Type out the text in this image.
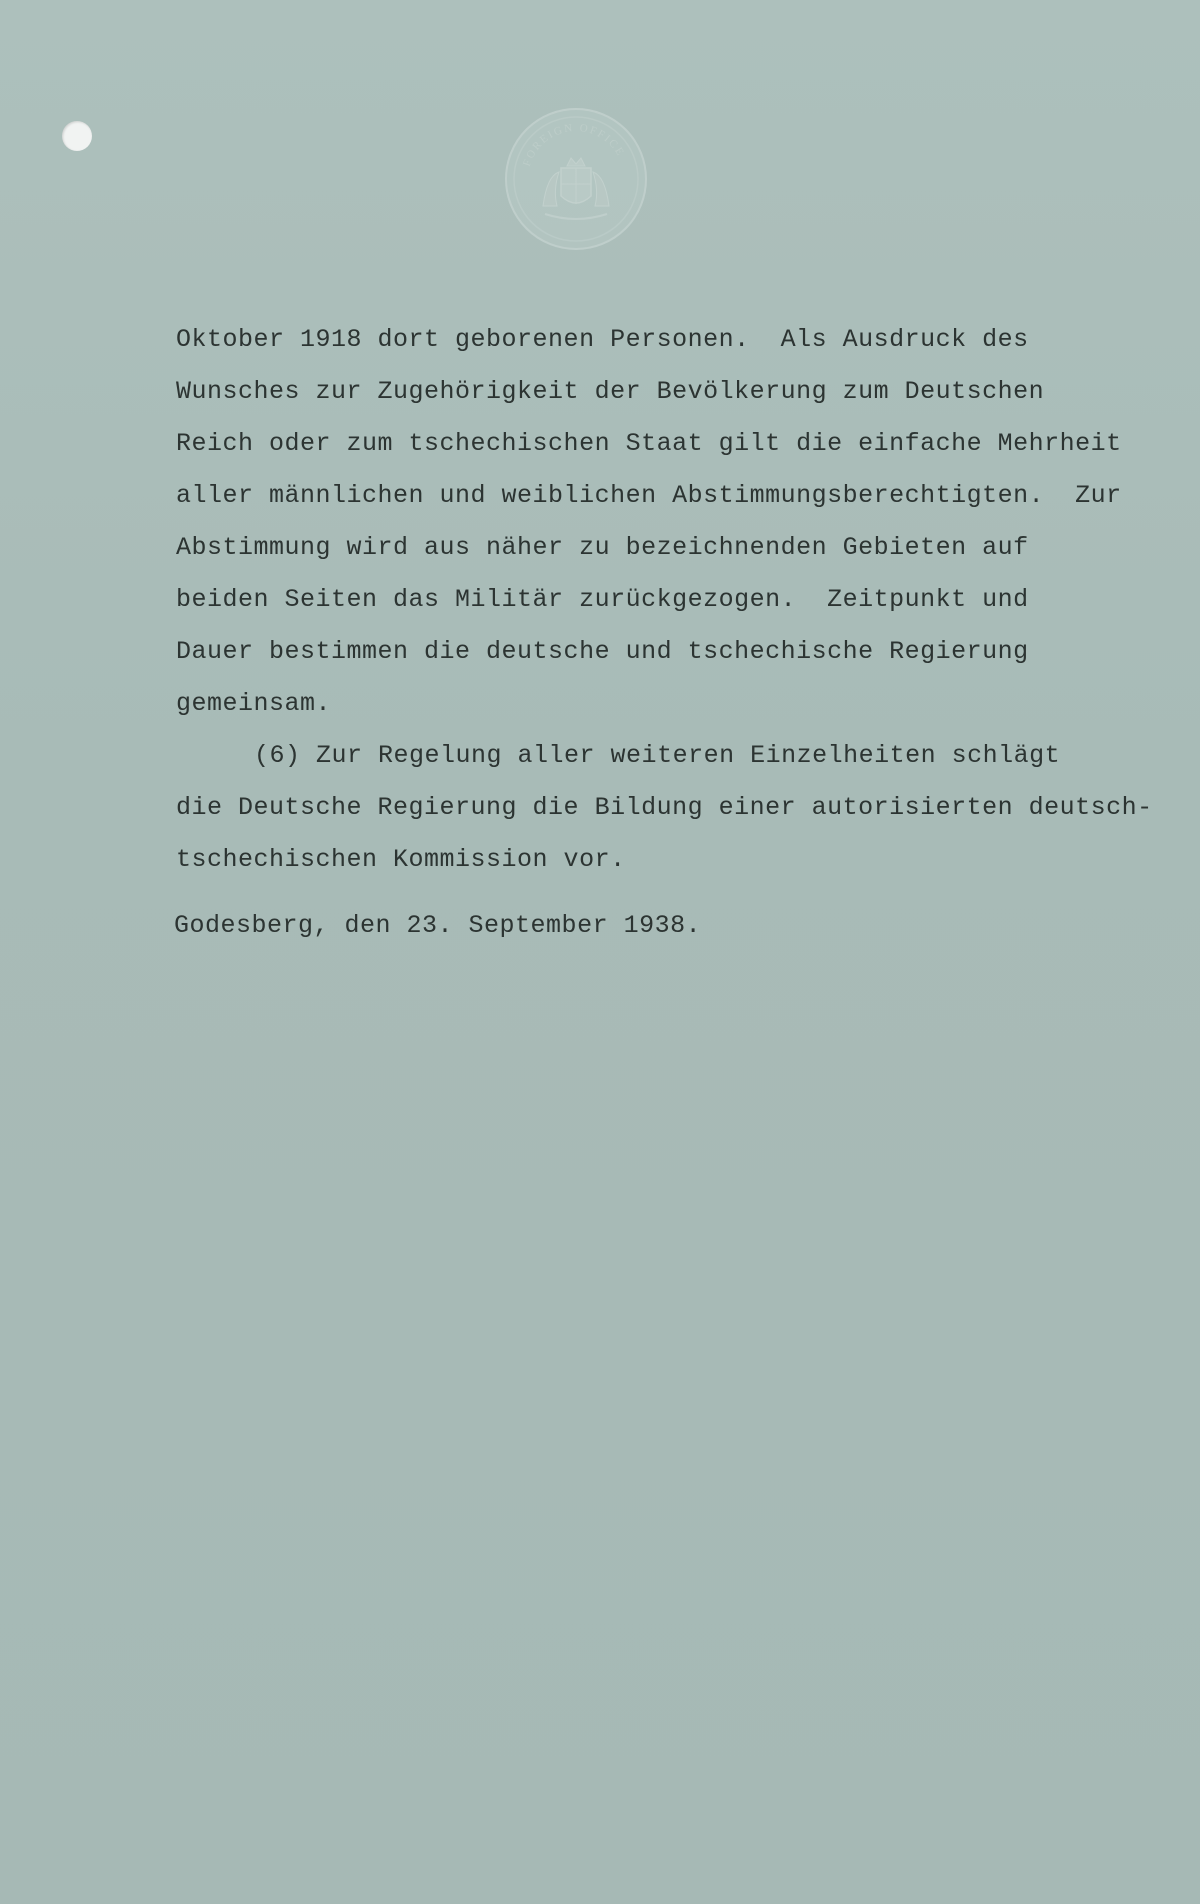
FOREIGN OFFICE
Oktober 1918 dort geborenen Personen.  Als Ausdruck des
Wunsches zur Zugehörigkeit der Bevölkerung zum Deutschen
Reich oder zum tschechischen Staat gilt die einfache Mehrheit
aller männlichen und weiblichen Abstimmungsberechtigten.  Zur
Abstimmung wird aus näher zu bezeichnenden Gebieten auf
beiden Seiten das Militär zurückgezogen.  Zeitpunkt und
Dauer bestimmen die deutsche und tschechische Regierung
gemeinsam.
(6) Zur Regelung aller weiteren Einzelheiten schlägt
die Deutsche Regierung die Bildung einer autorisierten deutsch-
tschechischen Kommission vor.
Godesberg, den 23. September 1938.
